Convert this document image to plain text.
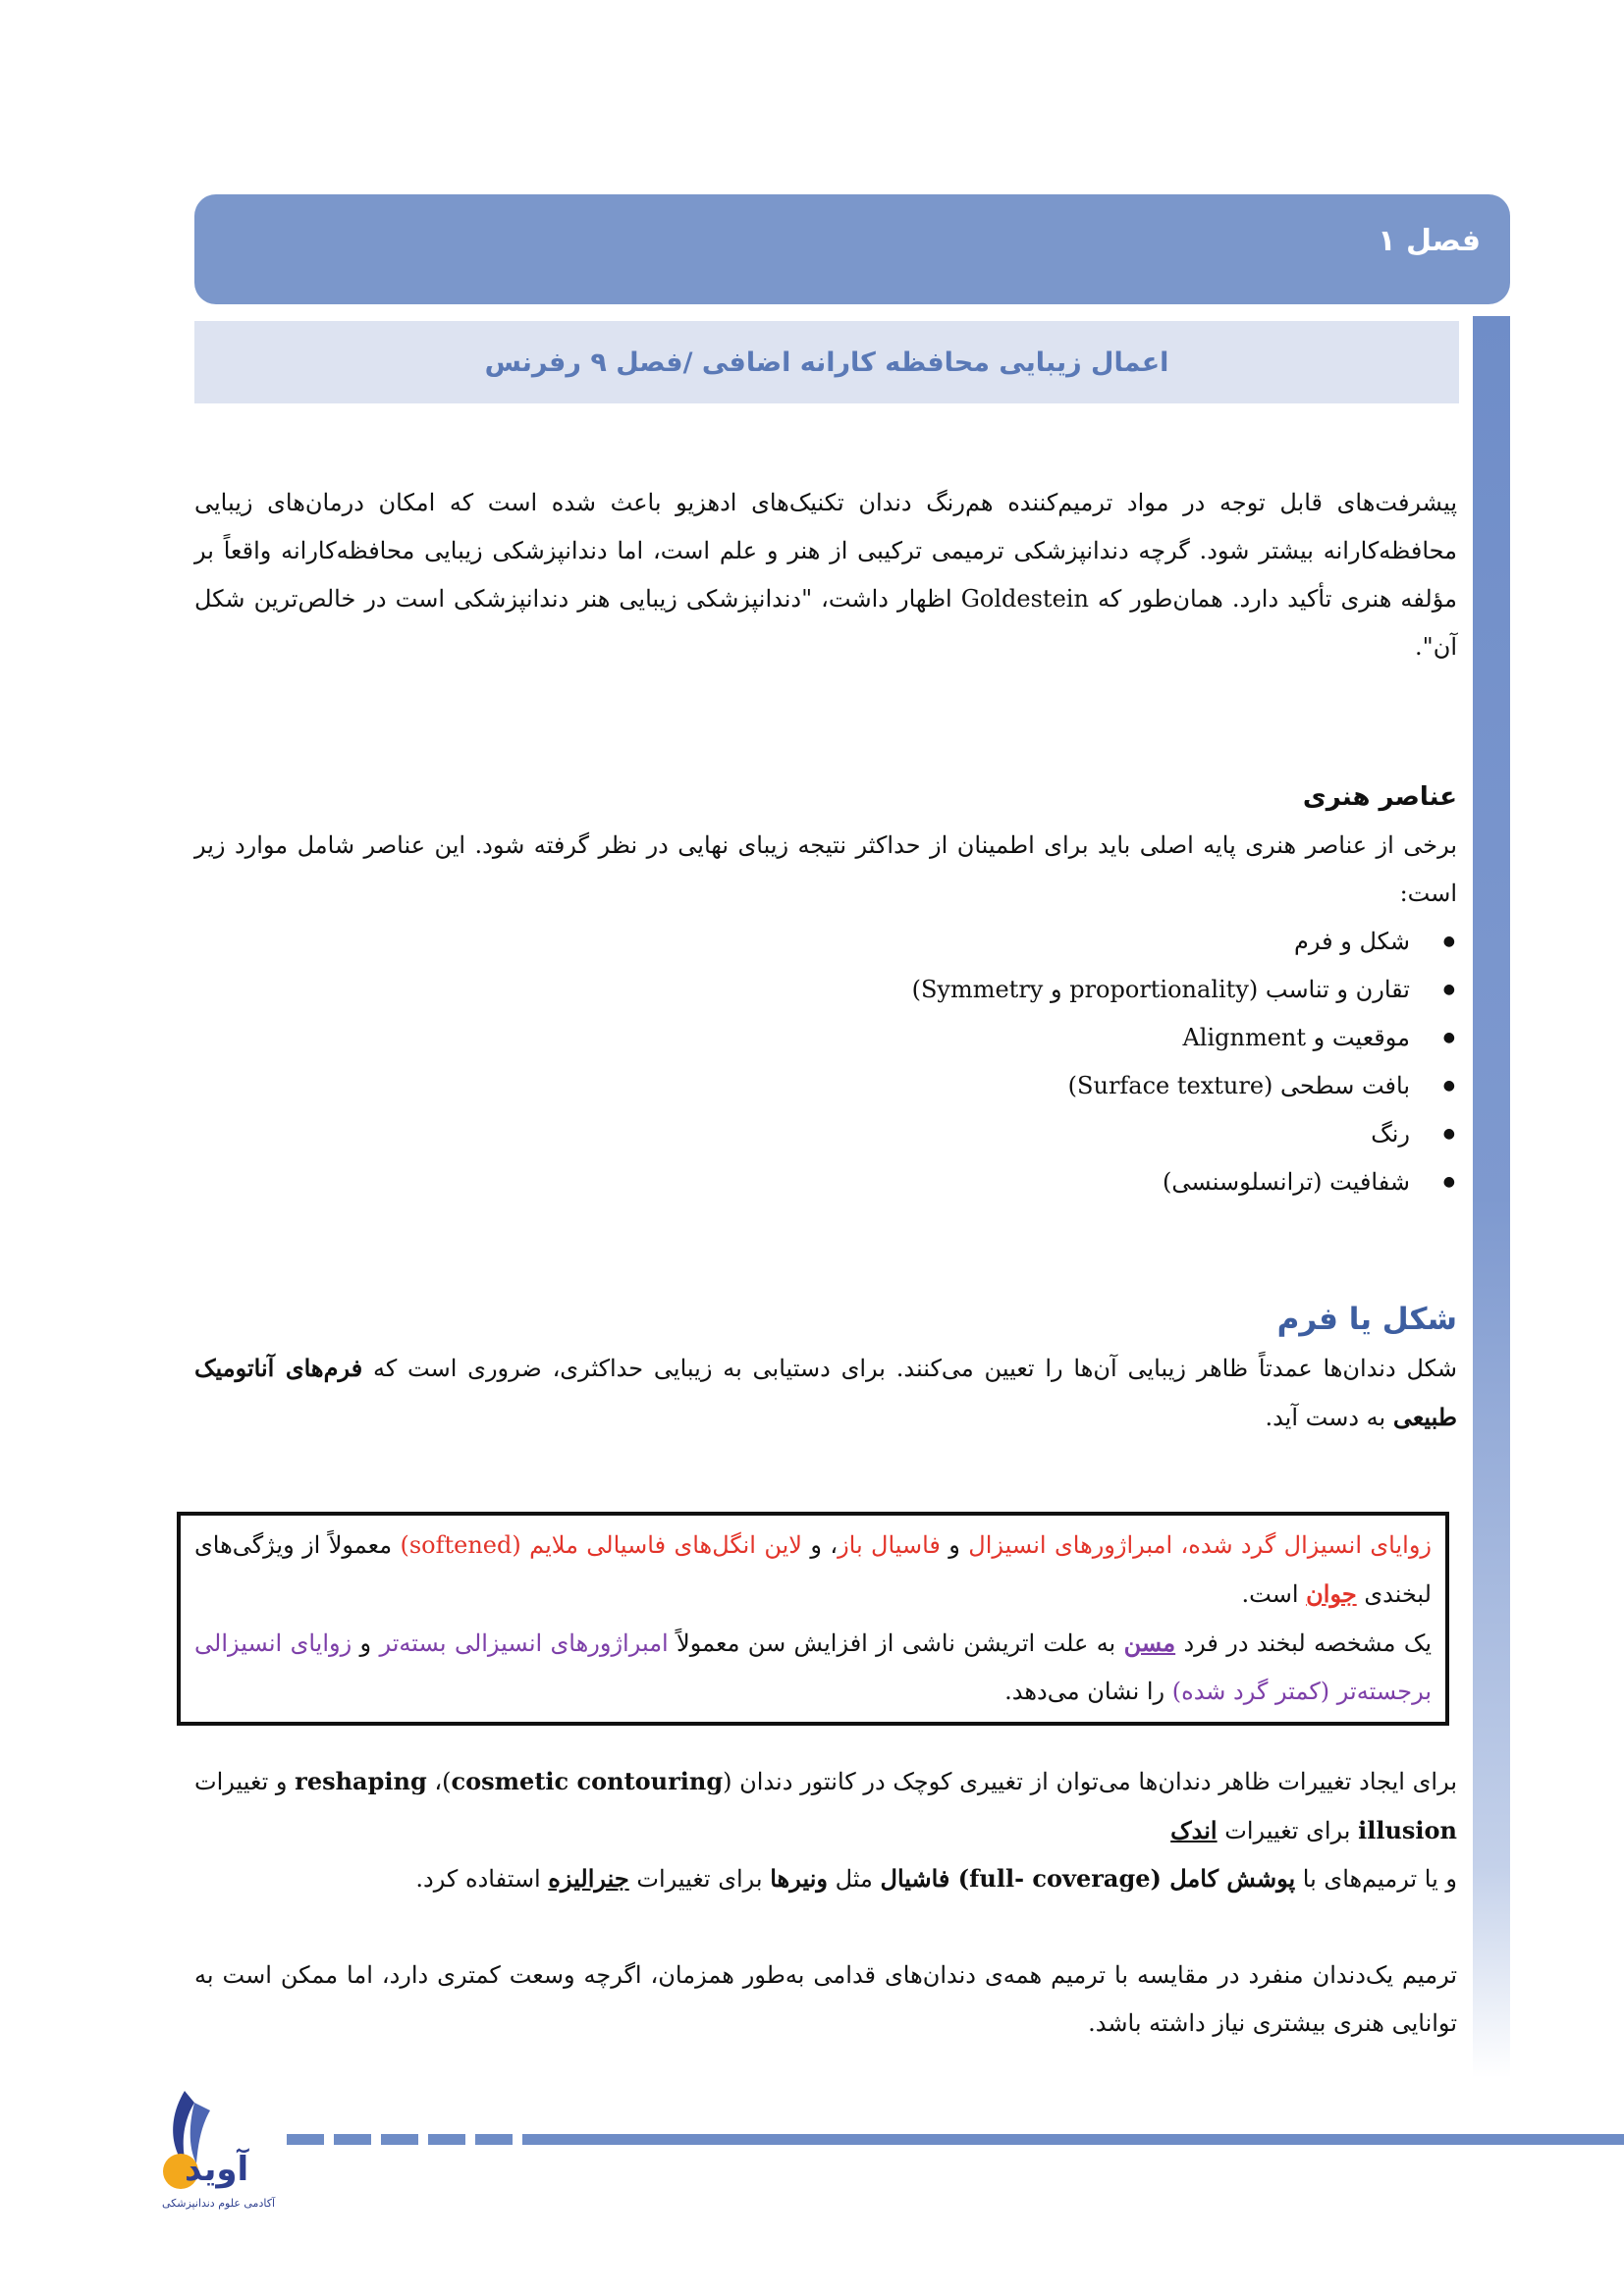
فصل ۱
اعمال زیبایی محافظه کارانه اضافی /فصل ۹ رفرنس
پیشرفت‌های قابل توجه در مواد ترمیم‌کننده هم‌رنگ دندان تکنیک‌های ادهزیو باعث شده است که امکان درمان‌های زیبایی محافظه‌کارانه بیشتر شود. گرچه دندانپزشکی ترمیمی ترکیبی از هنر و علم است، اما دندانپزشکی زیبایی محافظه‌کارانه واقعاً بر مؤلفه هنری تأکید دارد. همان‌طور که Goldestein اظهار داشت، "دندانپزشکی زیبایی هنر دندانپزشکی است در خالص‌ترین شکل آن".
عناصر هنری
برخی از عناصر هنری پایه اصلی باید برای اطمینان از حداکثر نتیجه زیبای نهایی در نظر گرفته شود. این عناصر شامل موارد زیر است:
● شکل و فرم
● تقارن و تناسب (proportionality و Symmetry)
● موقعیت و Alignment
● بافت سطحی (Surface texture)
● رنگ
● شفافیت (ترانسلوسنسی)
شکل یا فرم
شکل دندان‌ها عمدتاً ظاهر زیبایی آن‌ها را تعیین می‌کنند. برای دستیابی به زیبایی حداکثری، ضروری است که فرم‌های آناتومیک طبیعی به دست آید.
زوایای انسیزال گرد شده، امبراژورهای انسیزال و فاسیال باز، و لاین انگل‌های فاسیالی ملایم (softened) معمولاً از ویژگی‌های لبخندی جوان است.
یک مشخصه لبخند در فرد مسن به علت اتریشن ناشی از افزایش سن معمولاً امبراژورهای انسیزالی بسته‌تر و زوایای انسیزالی برجسته‌تر (کمتر گرد شده) را نشان می‌دهد.
برای ایجاد تغییرات ظاهر دندان‌ها می‌توان از تغییری کوچک در کانتور دندان (cosmetic contouring)، reshaping و تغییرات illusion برای تغییرات اندک
و یا ترمیم‌های با پوشش کامل (full- coverage) فاشیال مثل ونیرها برای تغییرات جنرالیزه استفاده کرد.
ترمیم یک‌دندان منفرد در مقایسه با ترمیم همه‌ی دندان‌های قدامی به‌طور همزمان، اگرچه وسعت کمتری دارد، اما ممکن است به توانایی هنری بیشتری نیاز داشته باشد.
آوید
آکادمی علوم دندانپزشکی
